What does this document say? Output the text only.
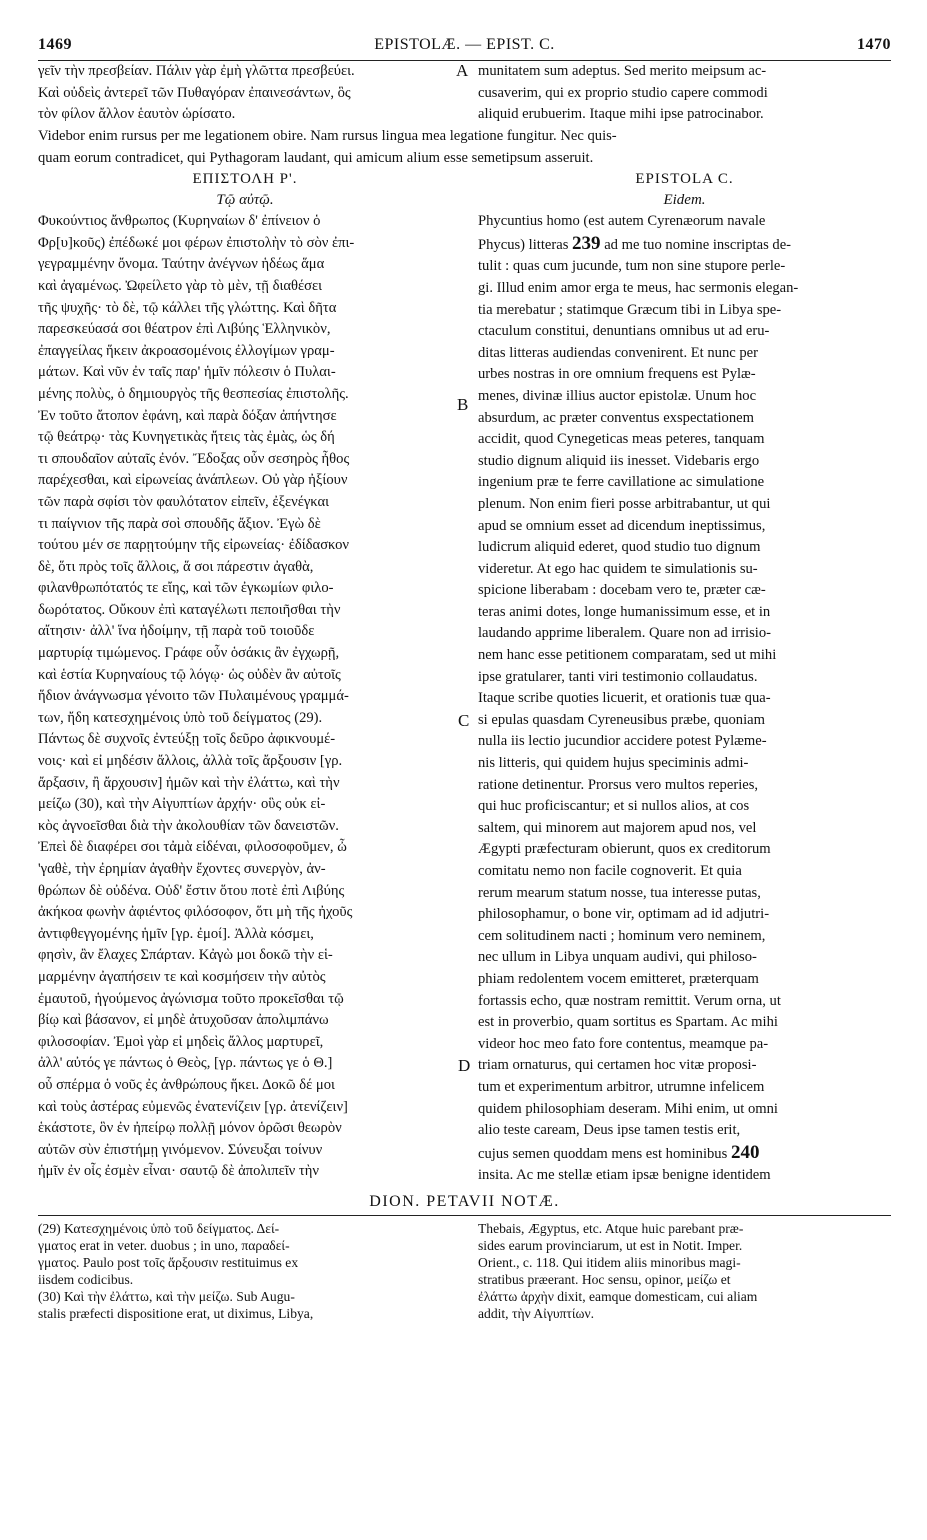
1469	EPISTOLÆ. — EPIST. C.	1470
γεῖν τὴν πρεσβείαν. Πάλιν γὰρ ἐμὴ γλῶττα πρεσβεύει.
Καὶ οὐδεὶς ἀντερεῖ τῶν Πυθαγόραν ἐπαινεσάντων, ὃς
τὸν φίλον ἄλλον ἑαυτὸν ὡρίσατο.
munitatem sum adeptus. Sed merito meipsum ac-
cusaverim, qui ex proprio studio capere commodi
aliquid erubuerim. Itaque mihi ipse patrocinabor.
A
Videbor enim rursus per me legationem obire. Nam rursus lingua mea legatione fungitur. Nec quis-
quam eorum contradicet, qui Pythagoram laudant, qui amicum alium esse semetipsum asseruit.
ΕΠΙΣΤΟΛΗ Ρ'.
Τῷ αὐτῷ.
EPISTOLA C.
Eidem.
Φυκούντιος ἄνθρωπος (Κυρηναίων δ' ἐπίνειον ὁ
Φρ[υ]κοῦς) ἐπέδωκέ μοι φέρων ἐπιστολὴν τὸ σὸν ἐπι-
γεγραμμένην ὄνομα. Ταύτην ἀνέγνων ἡδέως ἅμα
καὶ ἀγαμένως. Ὠφείλετο γὰρ τὸ μὲν, τῇ διαθέσει
τῆς ψυχῆς· τὸ δὲ, τῷ κάλλει τῆς γλώττης. Καὶ δῆτα
παρεσκεύασά σοι θέατρον ἐπὶ Λιβύης Ἑλληνικὸν,
ἐπαγγείλας ἥκειν ἀκροασομένοις ἐλλογίμων γραμ-
μάτων. Καὶ νῦν ἐν ταῖς παρ' ἡμῖν πόλεσιν ὁ Πυλαι-
μένης πολὺς, ὁ δημιουργὸς τῆς θεσπεσίας ἐπιστολῆς.
Ἐν τοῦτο ἄτοπον ἐφάνη, καὶ παρὰ δόξαν ἀπήντησε
τῷ θεάτρῳ· τὰς Κυνηγετικὰς ἤτεις τὰς ἐμὰς, ὡς δή
τι σπουδαῖον αὐταῖς ἐνόν. Ἔδοξας οὖν σεσηρὸς ἦθος
παρέχεσθαι, καὶ εἰρωνείας ἀνάπλεων. Οὐ γὰρ ἠξίουν
τῶν παρὰ σφίσι τὸν φαυλότατον εἰπεῖν, ἐξενέγκαι
τι παίγνιον τῆς παρὰ σοὶ σπουδῆς ἄξιον. Ἐγὼ δὲ
τούτου μέν σε παρῃτούμην τῆς εἰρωνείας· ἐδίδασκον
δὲ, ὅτι πρὸς τοῖς ἄλλοις, ἅ σοι πάρεστιν ἀγαθὰ,
φιλανθρωπότατός τε εἴης, καὶ τῶν ἐγκωμίων φιλο-
δωρότατος. Οὔκουν ἐπὶ καταγέλωτι πεποιῆσθαι τὴν
αἴτησιν· ἀλλ' ἵνα ἡδοίμην, τῇ παρὰ τοῦ τοιοῦδε
μαρτυρίᾳ τιμώμενος. Γράφε οὖν ὁσάκις ἂν ἐγχωρῇ,
καὶ ἑστία Κυρηναίους τῷ λόγῳ· ὡς οὐδὲν ἂν αὐτοῖς
ἥδιον ἀνάγνωσμα γένοιτο τῶν Πυλαιμένους γραμμά-
των, ἤδη κατεσχημένοις ὑπὸ τοῦ δείγματος (29).
Πάντως δὲ συχνοῖς ἐντεύξῃ τοῖς δεῦρο ἀφικνουμέ-
νοις· καὶ εἰ μηδέσιν ἄλλοις, ἀλλὰ τοῖς ἄρξουσιν [γρ.
ἄρξασιν, ἢ ἄρχουσιν] ἡμῶν καὶ τὴν ἐλάττω, καὶ τὴν
μείζω (30), καὶ τὴν Αἰγυπτίων ἀρχήν· οὓς οὐκ εἰ-
κὸς ἀγνοεῖσθαι διὰ τὴν ἀκολουθίαν τῶν δανειστῶν.
Ἐπεὶ δὲ διαφέρει σοι τἀμὰ εἰδέναι, φιλοσοφοῦμεν, ὦ
'γαθὲ, τὴν ἐρημίαν ἀγαθὴν ἔχοντες συνεργὸν, ἀν-
θρώπων δὲ οὐδένα. Οὐδ' ἔστιν ὅτου ποτὲ ἐπὶ Λιβύης
ἀκήκοα φωνὴν ἀφιέντος φιλόσοφον, ὅτι μὴ τῆς ἠχοῦς
ἀντιφθεγγομένης ἡμῖν [γρ. ἐμοί]. Ἀλλὰ κόσμει,
φησὶν, ἂν ἔλαχες Σπάρταν. Κἀγὼ μοι δοκῶ τὴν εἱ-
μαρμένην ἀγαπήσειν τε καὶ κοσμήσειν τὴν αὐτὸς
ἐμαυτοῦ, ἡγούμενος ἀγώνισμα τοῦτο προκεῖσθαι τῷ
βίῳ καὶ βάσανον, εἰ μηδὲ ἀτυχοῦσαν ἀπολιμπάνω
φιλοσοφίαν. Ἐμοὶ γὰρ εἰ μηδεὶς ἄλλος μαρτυρεῖ,
ἀλλ' αὐτός γε πάντως ὁ Θεὸς, [γρ. πάντως γε ὁ Θ.]
οὗ σπέρμα ὁ νοῦς ἐς ἀνθρώπους ἥκει. Δοκῶ δέ μοι
καὶ τοὺς ἀστέρας εὐμενῶς ἐνατενίζειν [γρ. ἀτενίζειν]
ἑκάστοτε, ὃν ἐν ἠπείρῳ πολλῇ μόνον ὁρῶσι θεωρὸν
αὐτῶν σὺν ἐπιστήμῃ γινόμενον. Σύνευξαι τοίνυν
ἡμῖν ἐν οἷς ἐσμὲν εἶναι· σαυτῷ δὲ ἀπολιπεῖν τὴν
Phycuntius homo (est autem Cyrenæorum navale
Phycus) litteras 239 ad me tuo nomine inscriptas de-
tulit : quas cum jucunde, tum non sine stupore perle-
gi. Illud enim amor erga te meus, hac sermonis elegan-
tia merebatur ; statimque Græcum tibi in Libya spe-
ctaculum constitui, denuntians omnibus ut ad eru-
ditas litteras audiendas convenirent. Et nunc per
urbes nostras in ore omnium frequens est Pylæ-
menes, divinæ illius auctor epistolæ. Unum hoc
absurdum, ac præter conventus exspectationem
accidit, quod Cynegeticas meas peteres, tanquam
studio dignum aliquid iis inesset. Videbaris ergo
ingenium præ te ferre cavillatione ac simulatione
plenum. Non enim fieri posse arbitrabantur, ut qui
apud se omnium esset ad dicendum ineptissimus,
ludicrum aliquid ederet, quod studio tuo dignum
videretur. At ego hac quidem te simulationis su-
spicione liberabam : docebam vero te, præter cæ-
teras animi dotes, longe humanissimum esse, et in
laudando apprime liberalem. Quare non ad irrisio-
nem hanc esse petitionem comparatam, sed ut mihi
ipse gratularer, tanti viri testimonio collaudatus.
Itaque scribe quoties licuerit, et orationis tuæ qua-
si epulas quasdam Cyreneusibus præbe, quoniam
nulla iis lectio jucundior accidere potest Pylæme-
nis litteris, qui quidem hujus speciminis admi-
ratione detinentur. Prorsus vero multos reperies,
qui huc proficiscantur; et si nullos alios, at cos
saltem, qui minorem aut majorem apud nos, vel
Ægypti præfecturam obierunt, quos ex creditorum
comitatu nemo non facile cognoverit. Et quia
rerum mearum statum nosse, tua interesse putas,
philosophamur, o bone vir, optimam ad id adjutri-
cem solitudinem nacti ; hominum vero neminem,
nec ullum in Libya unquam audivi, qui philoso-
phiam redolentem vocem emitteret, præterquam
fortassis echo, quæ nostram remittit. Verum orna, ut
est in proverbio, quam sortitus es Spartam. Ac mihi
videor hoc meo fato fore contentus, meamque pa-
triam ornaturus, qui certamen hoc vitæ proposi-
tum et experimentum arbitror, utrumne infelicem
quidem philosophiam deseram. Mihi enim, ut omni
alio teste caream, Deus ipse tamen testis erit,
cujus semen quoddam mens est hominibus 240
insita. Ac me stellæ etiam ipsæ benigne identidem
B
C
D
DION. PETAVII NOTÆ.
(29) Κατεσχημένοις ὑπὸ τοῦ δείγματος. Δεί-
γματος erat in veter. duobus ; in uno, παραδεί-
γματος. Paulo post τοῖς ἄρξουσιν restituimus ex
iisdem codicibus.
(30) Καὶ τὴν ἐλάττω, καὶ τὴν μείζω. Sub Augu-
stalis præfecti dispositione erat, ut diximus, Libya,
Thebais, Ægyptus, etc. Atque huic parebant præ-
sides earum provinciarum, ut est in Notit. Imper.
Orient., c. 118. Qui itidem aliis minoribus magi-
stratibus præerant. Hoc sensu, opinor, μείζω et
ἐλάττω ἀρχὴν dixit, eamque domesticam, cui aliam
addit, τὴν Αἰγυπτίων.
